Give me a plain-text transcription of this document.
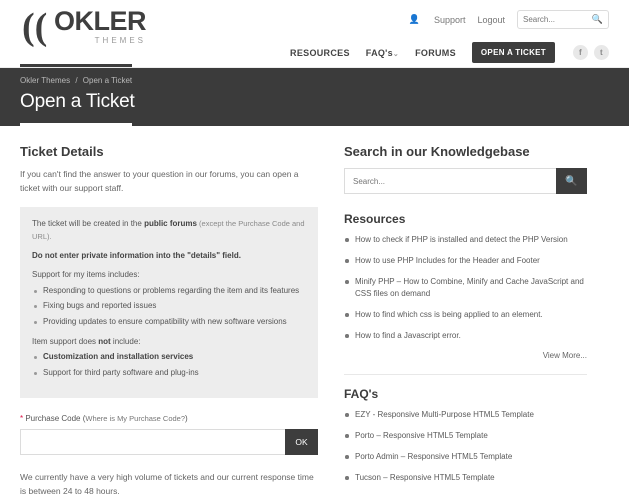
(( OKLER
THEMES
👤 Support Logout
Search...	🔍
RESOURCES FAQ's⌄ FORUMS	OPEN A TICKET	f	t
Okler Themes / Open a Ticket
Open a Ticket
Ticket Details

If you can't find the answer to your question in our forums, you can open a ticket with our support staff.

The ticket will be created in the public forums (except the Purchase Code and URL).

Do not enter private information into the "details" field.

Support for my items includes:

Responding to questions or problems regarding the item and its features
Fixing bugs and reported issues
Providing updates to ensure compatibility with new software versions

Item support does not include:

Customization and installation services
Support for third party software and plug-ins
* Purchase Code (Where is My Purchase Code?)
OK

We currently have a very high volume of tickets and our current response time is between 24 to 48 hours.

Search in our Knowledgebase
Search...
🔍
Resources
How to check if PHP is installed and detect the PHP Version
How to use PHP Includes for the Header and Footer
Minify PHP – How to Combine, Minify and Cache JavaScript and CSS files on demand
How to find which css is being applied to an element.
How to find a Javascript error.
View More...
FAQ's
EZY - Responsive Multi-Purpose HTML5 Template
Porto – Responsive HTML5 Template
Porto Admin – Responsive HTML5 Template
Tucson – Responsive HTML5 Template
